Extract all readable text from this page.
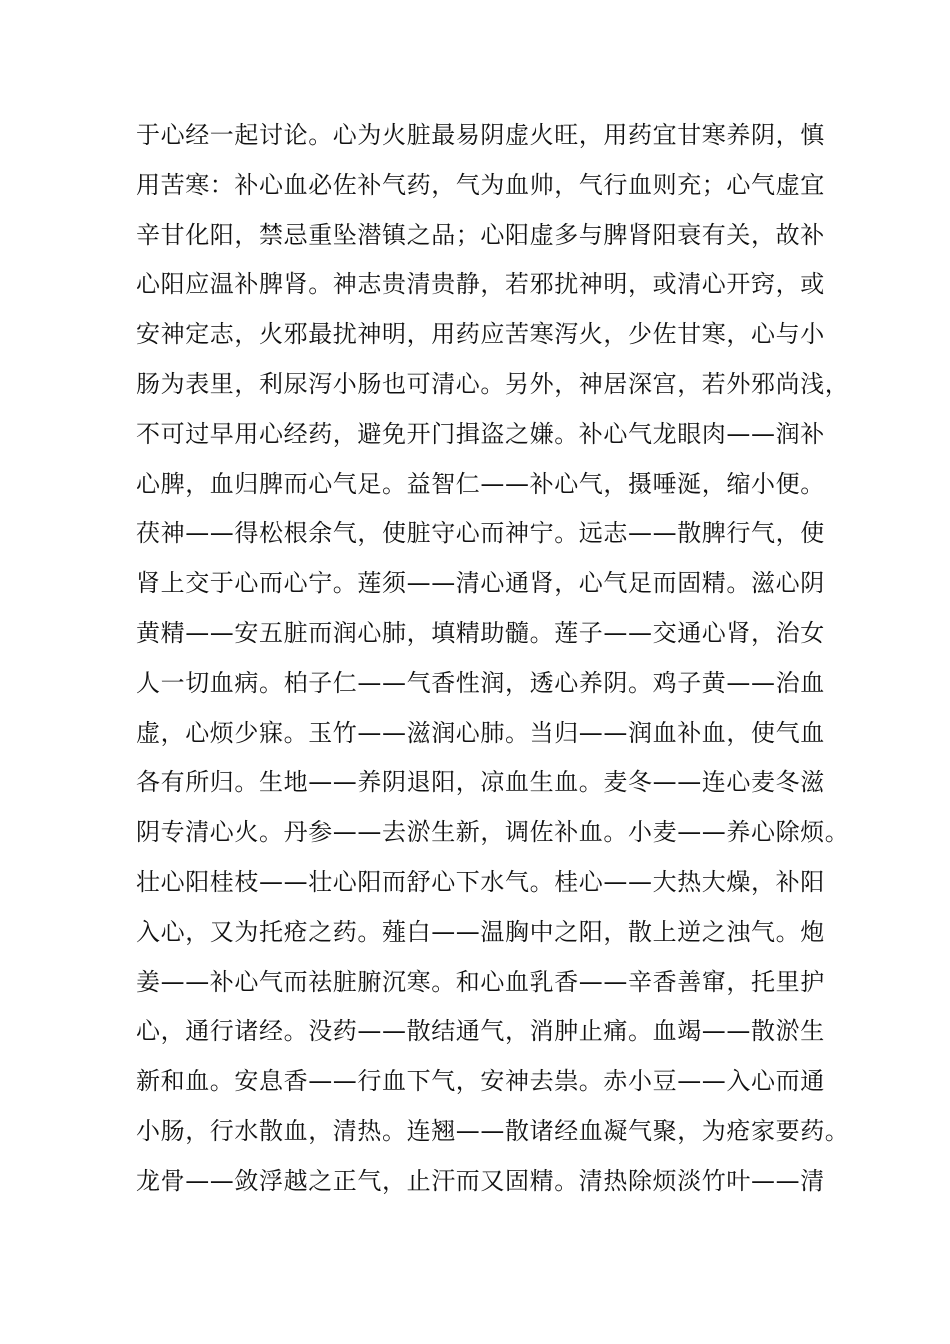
于心经一起讨论。心为火脏最易阴虚火旺，用药宜甘寒养阴，慎
用苦寒：补心血必佐补气药，气为血帅，气行血则充；心气虚宜
辛甘化阳，禁忌重坠潜镇之品；心阳虚多与脾肾阳衰有关，故补
心阳应温补脾肾。神志贵清贵静，若邪扰神明，或清心开窍，或
安神定志，火邪最扰神明，用药应苦寒泻火，少佐甘寒，心与小
肠为表里，利尿泻小肠也可清心。另外，神居深宫，若外邪尚浅，
不可过早用心经药，避免开门揖盗之嫌。补心气龙眼肉——润补
心脾，血归脾而心气足。益智仁——补心气，摄唾涎，缩小便。
茯神——得松根余气，使脏守心而神宁。远志——散脾行气，使
肾上交于心而心宁。莲须——清心通肾，心气足而固精。滋心阴
黄精——安五脏而润心肺，填精助髓。莲子——交通心肾，治女
人一切血病。柏子仁——气香性润，透心养阴。鸡子黄——治血
虚，心烦少寐。玉竹——滋润心肺。当归——润血补血，使气血
各有所归。生地——养阴退阳，凉血生血。麦冬——连心麦冬滋
阴专清心火。丹参——去淤生新，调佐补血。小麦——养心除烦。
壮心阳桂枝——壮心阳而舒心下水气。桂心——大热大燥，补阳
入心，又为托疮之药。薤白——温胸中之阳，散上逆之浊气。炮
姜——补心气而祛脏腑沉寒。和心血乳香——辛香善窜，托里护
心，通行诸经。没药——散结通气，消肿止痛。血竭——散淤生
新和血。安息香——行血下气，安神去祟。赤小豆——入心而通
小肠，行水散血，清热。连翘——散诸经血凝气聚，为疮家要药。
龙骨——敛浮越之正气，止汗而又固精。清热除烦淡竹叶——清
